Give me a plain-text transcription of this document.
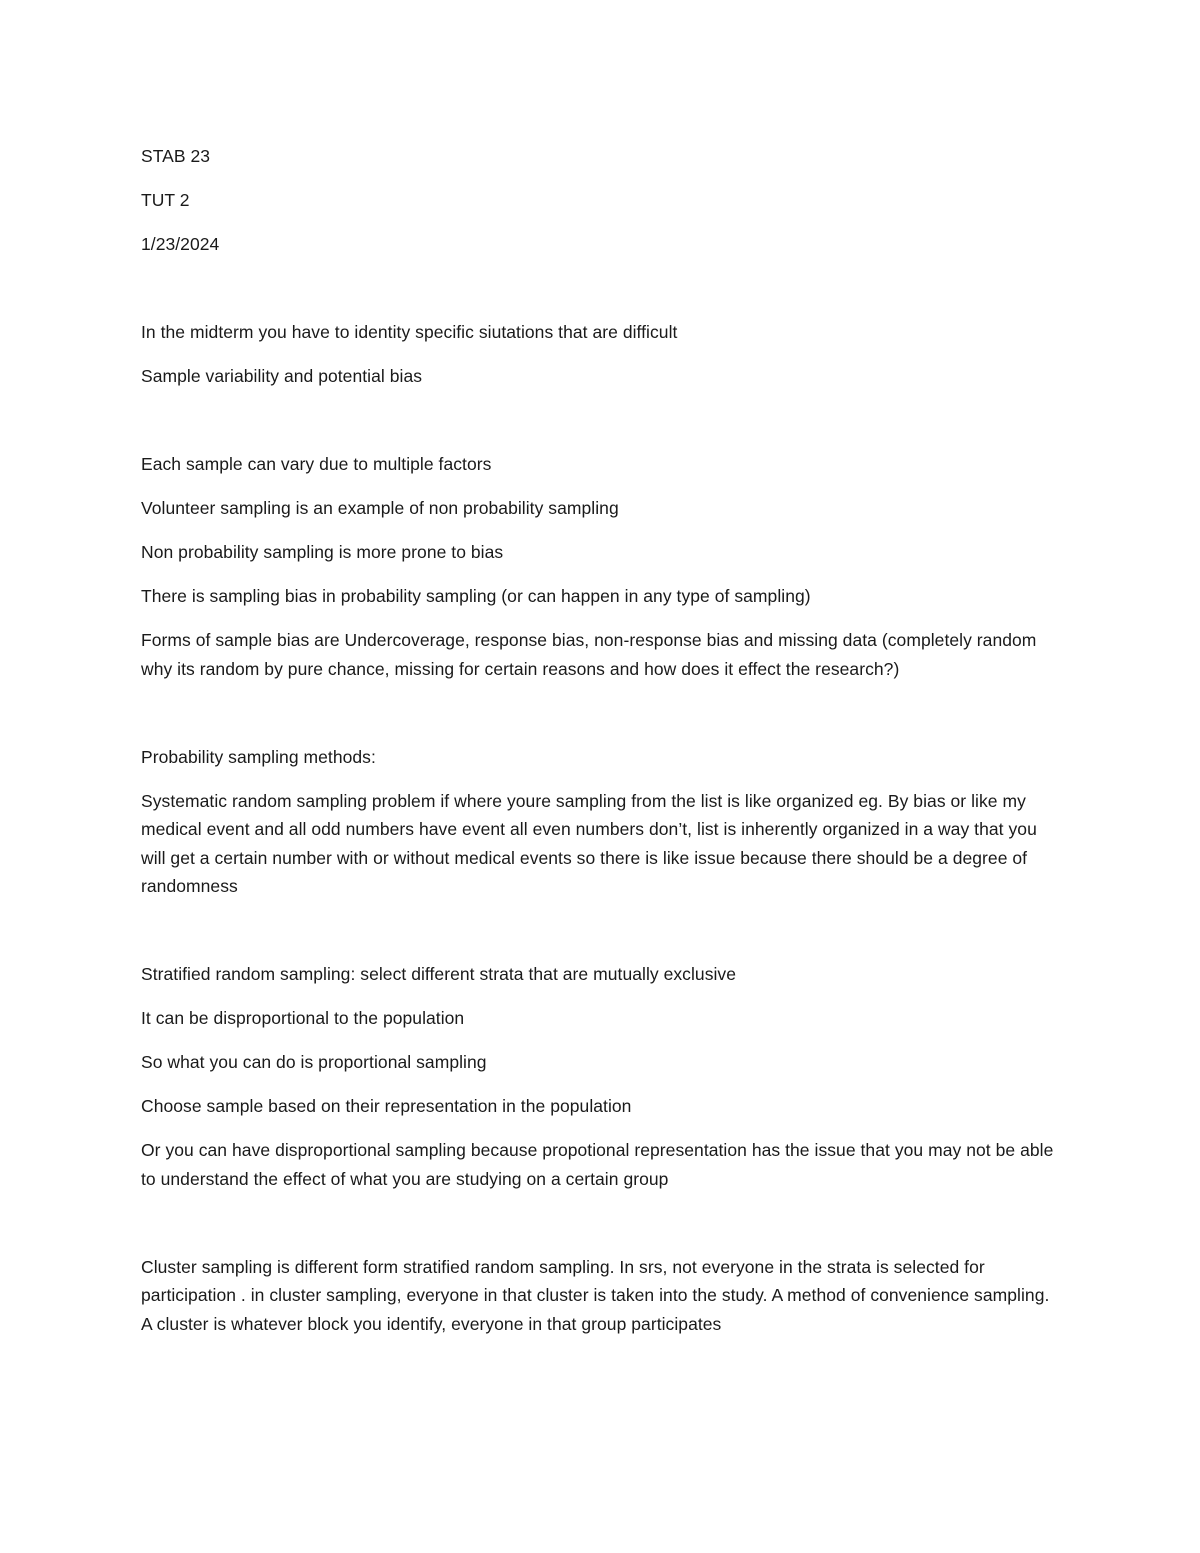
STAB 23

TUT 2

1/23/2024

In the midterm you have to identity specific siutations that are difficult

Sample variability and potential bias

Each sample can vary due to multiple factors

Volunteer sampling is an example of non probability sampling

Non probability sampling is more prone to bias

There is sampling bias in probability sampling (or can happen in any type of sampling)

Forms of sample bias are Undercoverage, response bias, non-response bias and missing data (completely random why its random by pure chance, missing for certain reasons and how does it effect the research?)

Probability sampling methods:

Systematic random sampling problem if where youre sampling from the list is like organized eg. By bias or like my medical event and all odd numbers have event all even numbers don’t, list is inherently organized in a way that you will get a certain number with or without medical events so there is like issue because there should be a degree of randomness

Stratified random sampling: select different strata that are mutually exclusive

It can be disproportional to the population

So what you can do is proportional sampling

Choose sample based on their representation in the population

Or you can have disproportional sampling because propotional representation has the issue that you may not be able to understand the effect of what you are studying on a certain group

Cluster sampling is different form stratified random sampling. In srs, not everyone in the strata is selected for participation . in cluster sampling, everyone in that cluster is taken into the study. A method of convenience sampling. A cluster is whatever block you identify, everyone in that group participates
